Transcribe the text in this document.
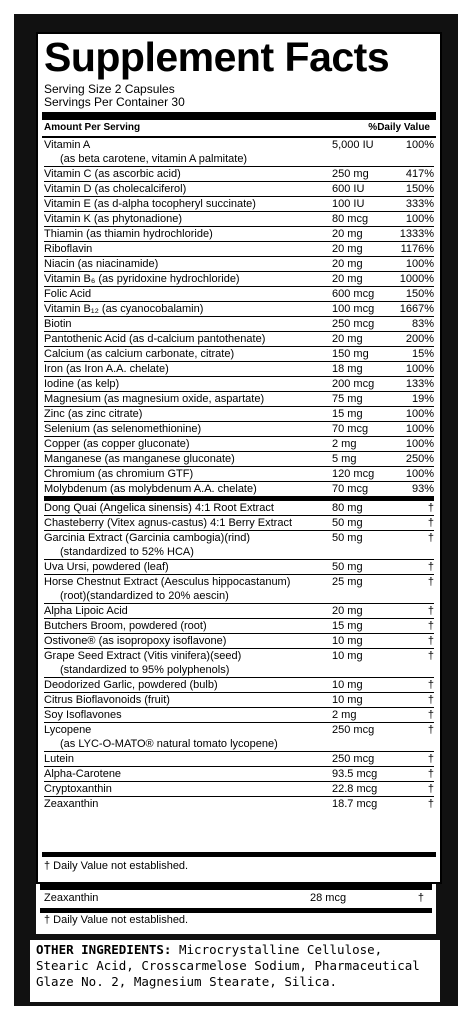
Supplement Facts
Serving Size 2 Capsules
Servings Per Container 30
Amount Per Serving	%Daily Value
Vitamin A	5,000 IU	100%
(as beta carotene, vitamin A palmitate)
Vitamin C (as ascorbic acid)	250 mg	417%
Vitamin D (as cholecalciferol)	600 IU	150%
Vitamin E (as d-alpha tocopheryl succinate)	100 IU	333%
Vitamin K (as phytonadione)	80 mcg	100%
Thiamin (as thiamin hydrochloride)	20 mg	1333%
Riboflavin	20 mg	1176%
Niacin (as niacinamide)	20 mg	100%
Vitamin B₆ (as pyridoxine hydrochloride)	20 mg	1000%
Folic Acid	600 mcg	150%
Vitamin B₁₂ (as cyanocobalamin)	100 mcg 1667%
Biotin	250 mcg	83%
Pantothenic Acid (as d-calcium pantothenate)	20 mg	200%
Calcium (as calcium carbonate, citrate)	150 mg	15%
Iron (as Iron A.A. chelate)	18 mg	100%
Iodine (as kelp)	200 mcg	133%
Magnesium (as magnesium oxide, aspartate)	75 mg	19%
Zinc (as zinc citrate)	15 mg	100%
Selenium (as selenomethionine)	70 mcg	100%
Copper (as copper gluconate)	2 mg	100%
Manganese (as manganese gluconate)	5 mg	250%
Chromium (as chromium GTF)	120 mcg	100%
Molybdenum (as molybdenum A.A. chelate)	70 mcg	93%
Dong Quai (Angelica sinensis) 4:1 Root Extract	80 mg	†
Chasteberry (Vitex agnus-castus) 4:1 Berry Extract	50 mg	†
Garcinia Extract (Garcinia cambogia)(rind)	50 mg	†
(standardized to 52% HCA)
Uva Ursi, powdered (leaf)	50 mg	†
Horse Chestnut Extract (Aesculus hippocastanum)	25 mg	†
(root)(standardized to 20% aescin)
Alpha Lipoic Acid	20 mg	†
Butchers Broom, powdered (root)	15 mg	†
Ostivone® (as isopropoxy isoflavone)	10 mg	†
Grape Seed Extract (Vitis vinifera)(seed)	10 mg	†
(standardized to 95% polyphenols)
Deodorized Garlic, powdered (bulb)	10 mg	†
Citrus Bioflavonoids (fruit)	10 mg	†
Soy Isoflavones	2 mg	†
Lycopene	250 mcg	†
(as LYC-O-MATO® natural tomato lycopene)
Lutein	250 mcg	†
Alpha-Carotene	93.5 mcg	†
Cryptoxanthin	22.8 mcg	†
Zeaxanthin	18.7 mcg	†
† Daily Value not established.
Zeaxanthin	28 mcg	†
† Daily Value not established.
OTHER INGREDIENTS: Microcrystalline Cellulose, Stearic Acid, Crosscarmelose Sodium, Pharmaceutical Glaze No. 2, Magnesium Stearate, Silica.
